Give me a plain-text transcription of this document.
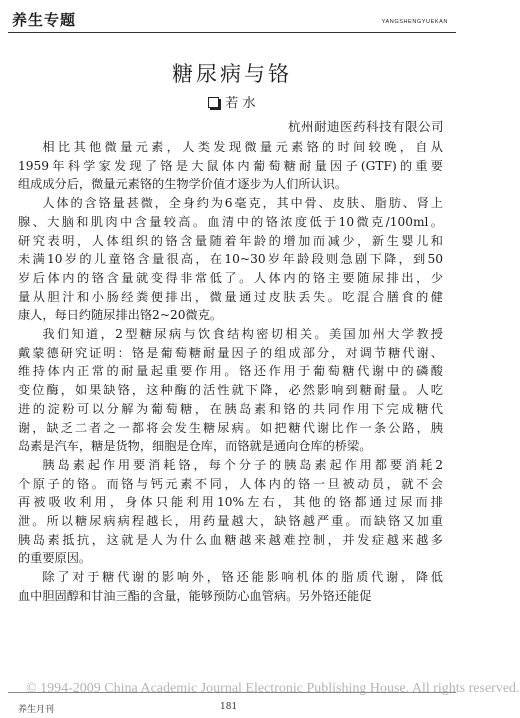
养生专题	YANGSHENGYUEKAN
糖尿病与铬
若 水
杭州耐迪医药科技有限公司

相比其他微量元素，人类发现微量元素铬的时间较晚，自从
1959年科学家发现了铬是大鼠体内葡萄糖耐量因子(GTF)的重要
组成成分后，微量元素铬的生物学价值才逐步为人们所认识。

人体的含铬量甚微，全身约为6毫克，其中骨、皮肤、脂肪、肾上
腺、大脑和肌肉中含量较高。血清中的铬浓度低于10微克/100ml。
研究表明，人体组织的铬含量随着年龄的增加而减少，新生婴儿和
未满10岁的儿童铬含量很高，在10~30岁年龄段则急剧下降，到50
岁后体内的铬含量就变得非常低了。人体内的铬主要随尿排出，少
量从胆汁和小肠经粪便排出，微量通过皮肤丢失。吃混合膳食的健
康人，每日约随尿排出铬2~20微克。

我们知道，2型糖尿病与饮食结构密切相关。美国加州大学教授
戴蒙德研究证明：铬是葡萄糖耐量因子的组成部分，对调节糖代谢、
维持体内正常的耐量起重要作用。铬还作用于葡萄糖代谢中的磷酸
变位酶，如果缺铬，这种酶的活性就下降，必然影响到糖耐量。人吃
进的淀粉可以分解为葡萄糖，在胰岛素和铬的共同作用下完成糖代
谢，缺乏二者之一都将会发生糖尿病。如把糖代谢比作一条公路，胰
岛素是汽车，糖是货物，细胞是仓库，而铬就是通向仓库的桥梁。

胰岛素起作用要消耗铬，每个分子的胰岛素起作用都要消耗2
个原子的铬。而铬与钙元素不同，人体内的铬一旦被动员，就不会
再被吸收利用，身体只能利用10%左右，其他的铬都通过尿而排
泄。所以糖尿病病程越长，用药量越大，缺铬越严重。而缺铬又加重
胰岛素抵抗，这就是人为什么血糖越来越难控制，并发症越来越多
的重要原因。

除了对于糖代谢的影响外，铬还能影响机体的脂质代谢，降低
血中胆固醇和甘油三酯的含量，能够预防心血管病。另外铬还能促

© 1994-2009 China Academic Journal Electronic Publishing House. All rights reserved.
养生月刊	181
